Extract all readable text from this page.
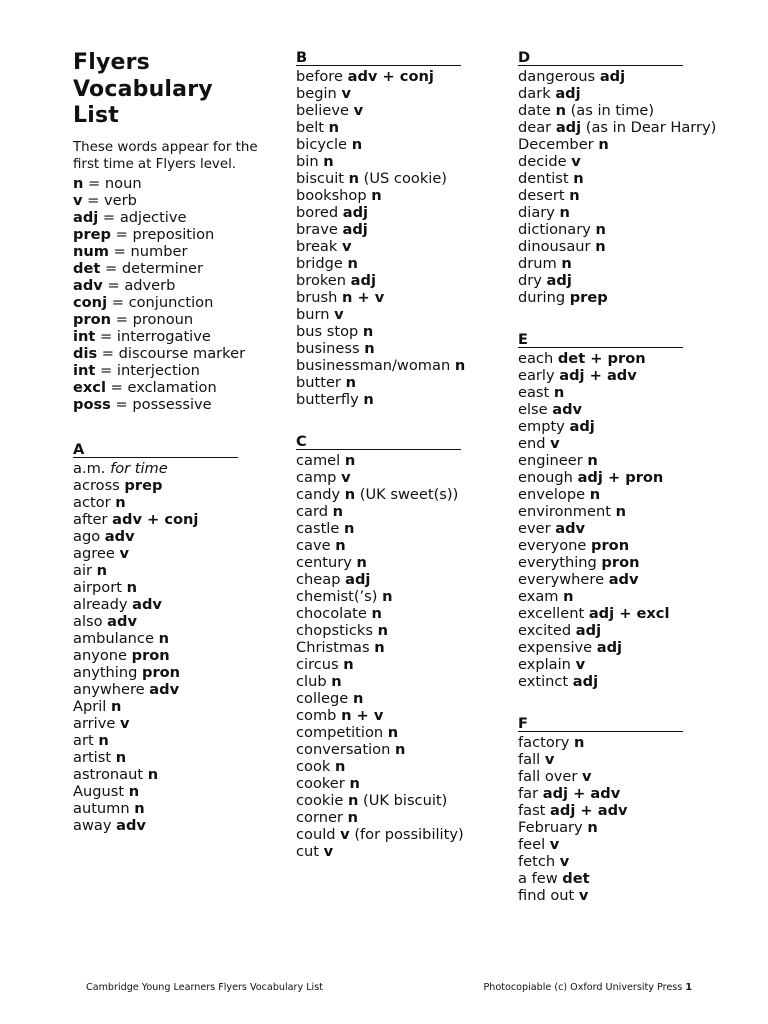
Flyers
Vocabulary
List
These words appear for the first time at Flyers level.
n = noun
v = verb
adj = adjective
prep = preposition
num = number
det = determiner
adv = adverb
conj = conjunction
pron = pronoun
int = interrogative
dis = discourse marker
int = interjection
excl = exclamation
poss = possessive
A
a.m. for time
across prep
actor n
after adv + conj
ago adv
agree v
air n
airport n
already adv
also adv
ambulance n
anyone pron
anything pron
anywhere adv
April n
arrive v
art n
artist n
astronaut n
August n
autumn n
away adv
B
before adv + conj
begin v
believe v
belt n
bicycle n
bin n
biscuit n (US cookie)
bookshop n
bored adj
brave adj
break v
bridge n
broken adj
brush n + v
burn v
bus stop n
business n
businessman/woman n
butter n
butterfly n
C
camel n
camp v
candy n (UK sweet(s))
card n
castle n
cave n
century n
cheap adj
chemist(’s) n
chocolate n
chopsticks n
Christmas n
circus n
club n
college n
comb n + v
competition n
conversation n
cook n
cooker n
cookie n (UK biscuit)
corner n
could v (for possibility)
cut v
D
dangerous adj
dark adj
date n (as in time)
dear adj (as in Dear Harry)
December n
decide v
dentist n
desert n
diary n
dictionary n
dinousaur n
drum n
dry adj
during prep
E
each det + pron
early adj + adv
east n
else adv
empty adj
end v
engineer n
enough adj + pron
envelope n
environment n
ever adv
everyone pron
everything pron
everywhere adv
exam n
excellent adj + excl
excited adj
expensive adj
explain v
extinct adj
F
factory n
fall v
fall over v
far adj + adv
fast adj + adv
February n
feel v
fetch v
a few det
find out v
Cambridge Young Learners Flyers Vocabulary List	Photocopiable (c) Oxford University Press 1
